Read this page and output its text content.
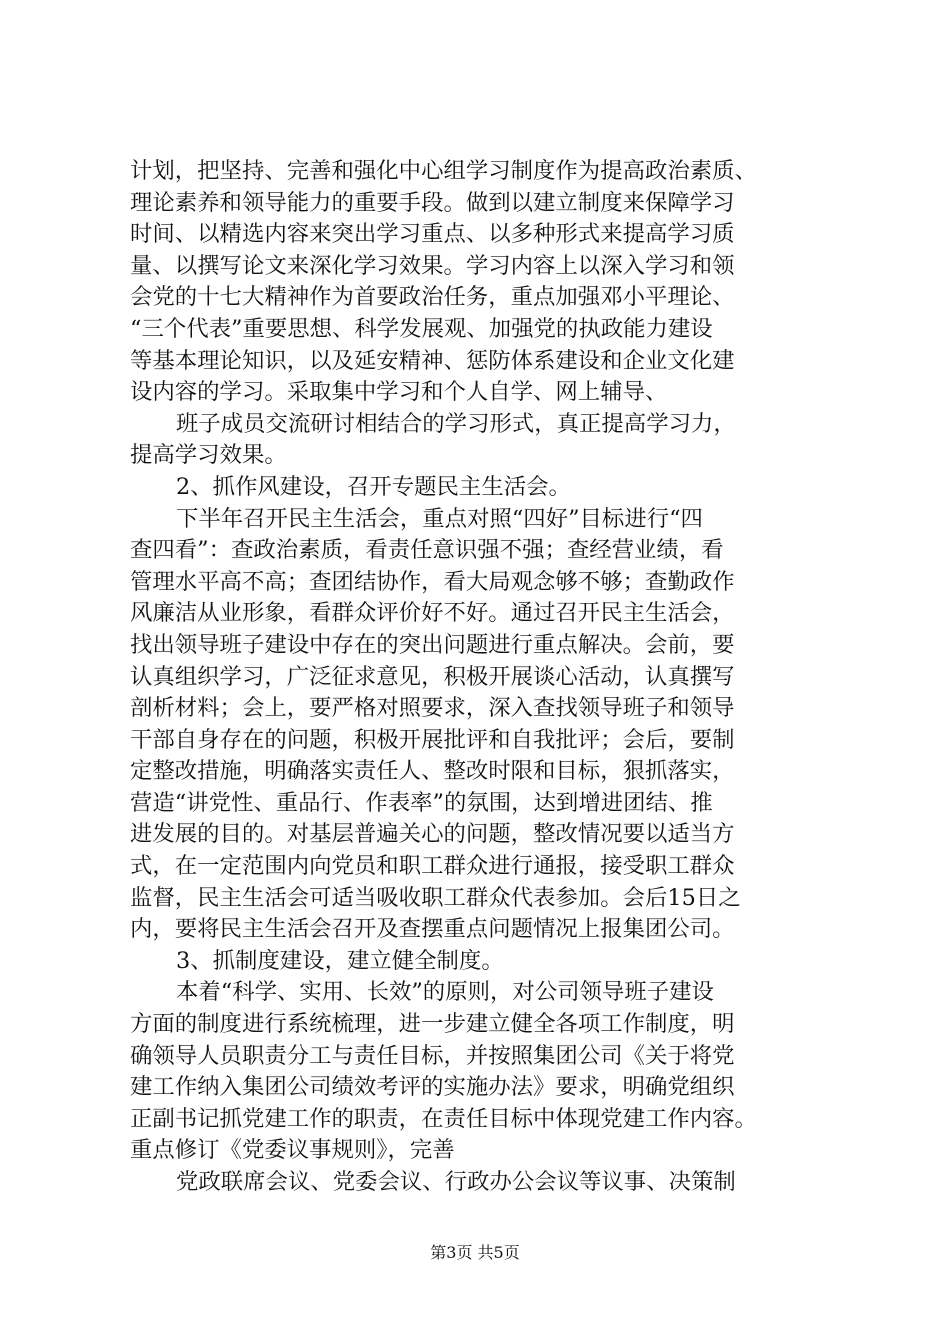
计划，把坚持、完善和强化中心组学习制度作为提高政治素质、
理论素养和领导能力的重要手段。做到以建立制度来保障学习
时间、以精选内容来突出学习重点、以多种形式来提高学习质
量、以撰写论文来深化学习效果。学习内容上以深入学习和领
会党的十七大精神作为首要政治任务，重点加强邓小平理论、
“三个代表”重要思想、科学发展观、加强党的执政能力建设
等基本理论知识，以及延安精神、惩防体系建设和企业文化建
设内容的学习。采取集中学习和个人自学、网上辅导、
班子成员交流研讨相结合的学习形式，真正提高学习力，
提高学习效果。
2、抓作风建设，召开专题民主生活会。
下半年召开民主生活会，重点对照“四好”目标进行“四
查四看”：查政治素质，看责任意识强不强；查经营业绩，看
管理水平高不高；查团结协作，看大局观念够不够；查勤政作
风廉洁从业形象，看群众评价好不好。通过召开民主生活会，
找出领导班子建设中存在的突出问题进行重点解决。会前，要
认真组织学习，广泛征求意见，积极开展谈心活动，认真撰写
剖析材料；会上，要严格对照要求，深入查找领导班子和领导
干部自身存在的问题，积极开展批评和自我批评；会后，要制
定整改措施，明确落实责任人、整改时限和目标，狠抓落实，
营造“讲党性、重品行、作表率”的氛围，达到增进团结、推
进发展的目的。对基层普遍关心的问题，整改情况要以适当方
式，在一定范围内向党员和职工群众进行通报，接受职工群众
监督，民主生活会可适当吸收职工群众代表参加。会后15日之
内，要将民主生活会召开及查摆重点问题情况上报集团公司。
3、抓制度建设，建立健全制度。
本着“科学、实用、长效”的原则，对公司领导班子建设
方面的制度进行系统梳理，进一步建立健全各项工作制度，明
确领导人员职责分工与责任目标，并按照集团公司《关于将党
建工作纳入集团公司绩效考评的实施办法》要求，明确党组织
正副书记抓党建工作的职责，在责任目标中体现党建工作内容。
重点修订《党委议事规则》，完善
党政联席会议、党委会议、行政办公会议等议事、决策制
第3页 共5页
